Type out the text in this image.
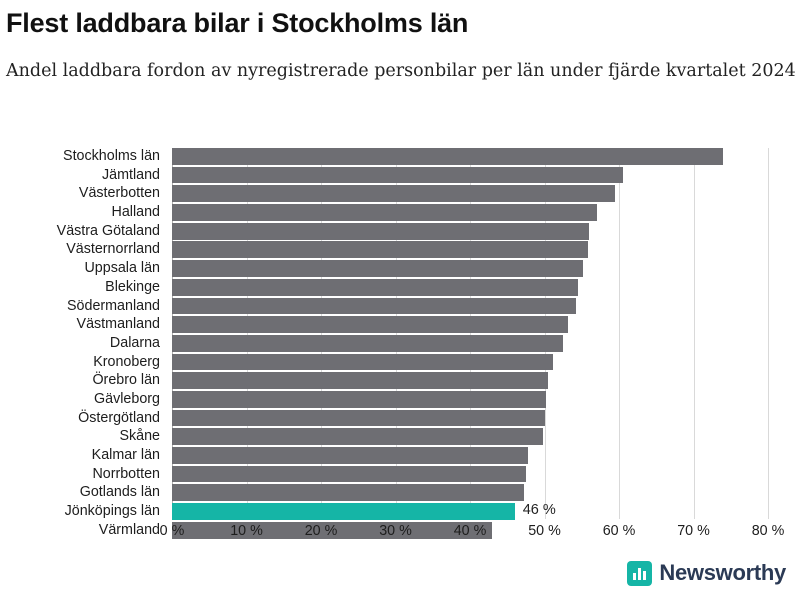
Flest laddbara bilar i Stockholms län
Andel laddbara fordon av nyregistrerade personbilar per län under fjärde kvartalet 2024
Stockholms län
Jämtland
Västerbotten
Halland
Västra Götaland
Västernorrland
Uppsala län
Blekinge
Södermanland
Västmanland
Dalarna
Kronoberg
Örebro län
Gävleborg
Östergötland
Skåne
Kalmar län
Norrbotten
Gotlands län
Jönköpings län
Värmland
46 %
0 %	10 %	20 %	30 %	40 %	50 %	60 %	70 %	80 %
Newsworthy
